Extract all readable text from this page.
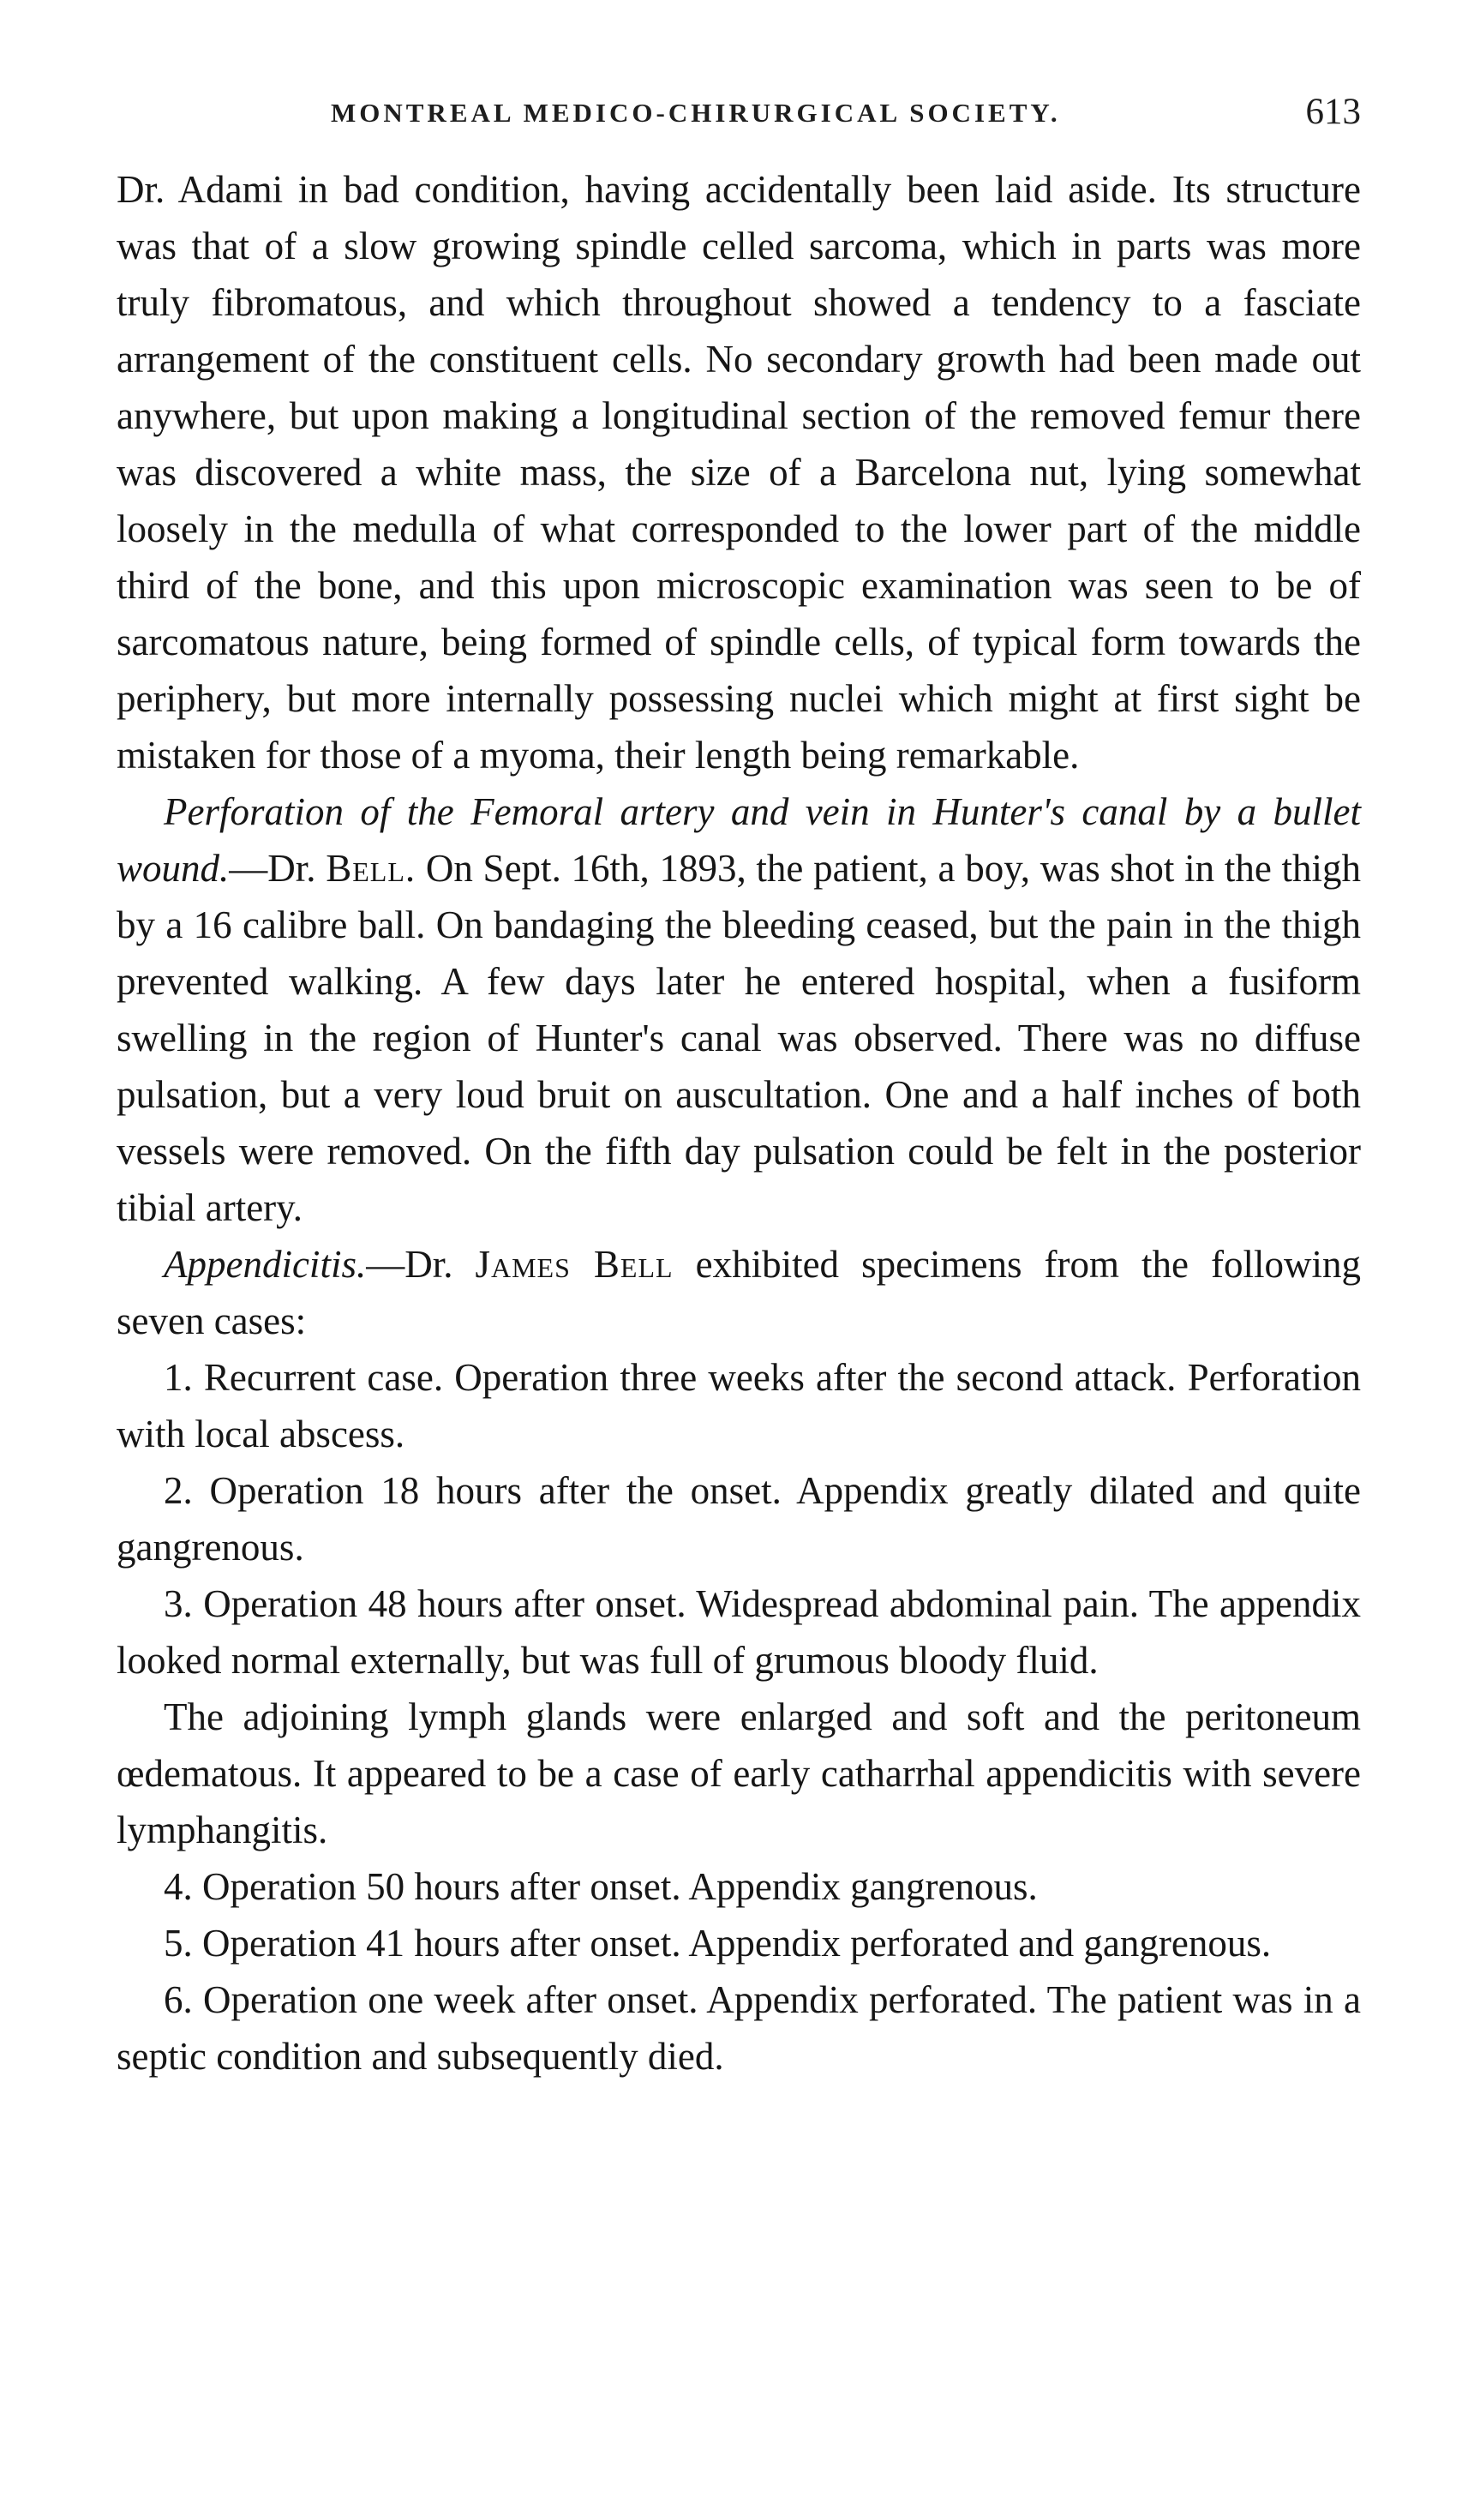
MONTREAL MEDICO-CHIRURGICAL SOCIETY.	613

Dr. Adami in bad condition, having accidentally been laid aside. Its structure was that of a slow growing spindle celled sarcoma, which in parts was more truly fibromatous, and which throughout showed a tendency to a fasciate arrangement of the constituent cells. No secondary growth had been made out anywhere, but upon making a longitudinal section of the removed femur there was discovered a white mass, the size of a Barcelona nut, lying somewhat loosely in the medulla of what corresponded to the lower part of the middle third of the bone, and this upon microscopic examination was seen to be of sarcomatous nature, being formed of spindle cells, of typical form towards the periphery, but more internally possessing nuclei which might at first sight be mistaken for those of a myoma, their length being remarkable.

Perforation of the Femoral artery and vein in Hunter's canal by a bullet wound.—Dr. Bell. On Sept. 16th, 1893, the patient, a boy, was shot in the thigh by a 16 calibre ball. On bandaging the bleeding ceased, but the pain in the thigh prevented walking. A few days later he entered hospital, when a fusiform swelling in the region of Hunter's canal was observed. There was no diffuse pulsation, but a very loud bruit on auscultation. One and a half inches of both vessels were removed. On the fifth day pulsation could be felt in the posterior tibial artery.

Appendicitis.—Dr. James Bell exhibited specimens from the following seven cases:

1. Recurrent case. Operation three weeks after the second attack. Perforation with local abscess.

2. Operation 18 hours after the onset. Appendix greatly dilated and quite gangrenous.

3. Operation 48 hours after onset. Widespread abdominal pain. The appendix looked normal externally, but was full of grumous bloody fluid.

The adjoining lymph glands were enlarged and soft and the peritoneum œdematous. It appeared to be a case of early catharrhal appendicitis with severe lymphangitis.

4. Operation 50 hours after onset. Appendix gangrenous.

5. Operation 41 hours after onset. Appendix perforated and gangrenous.

6. Operation one week after onset. Appendix perforated. The patient was in a septic condition and subsequently died.
